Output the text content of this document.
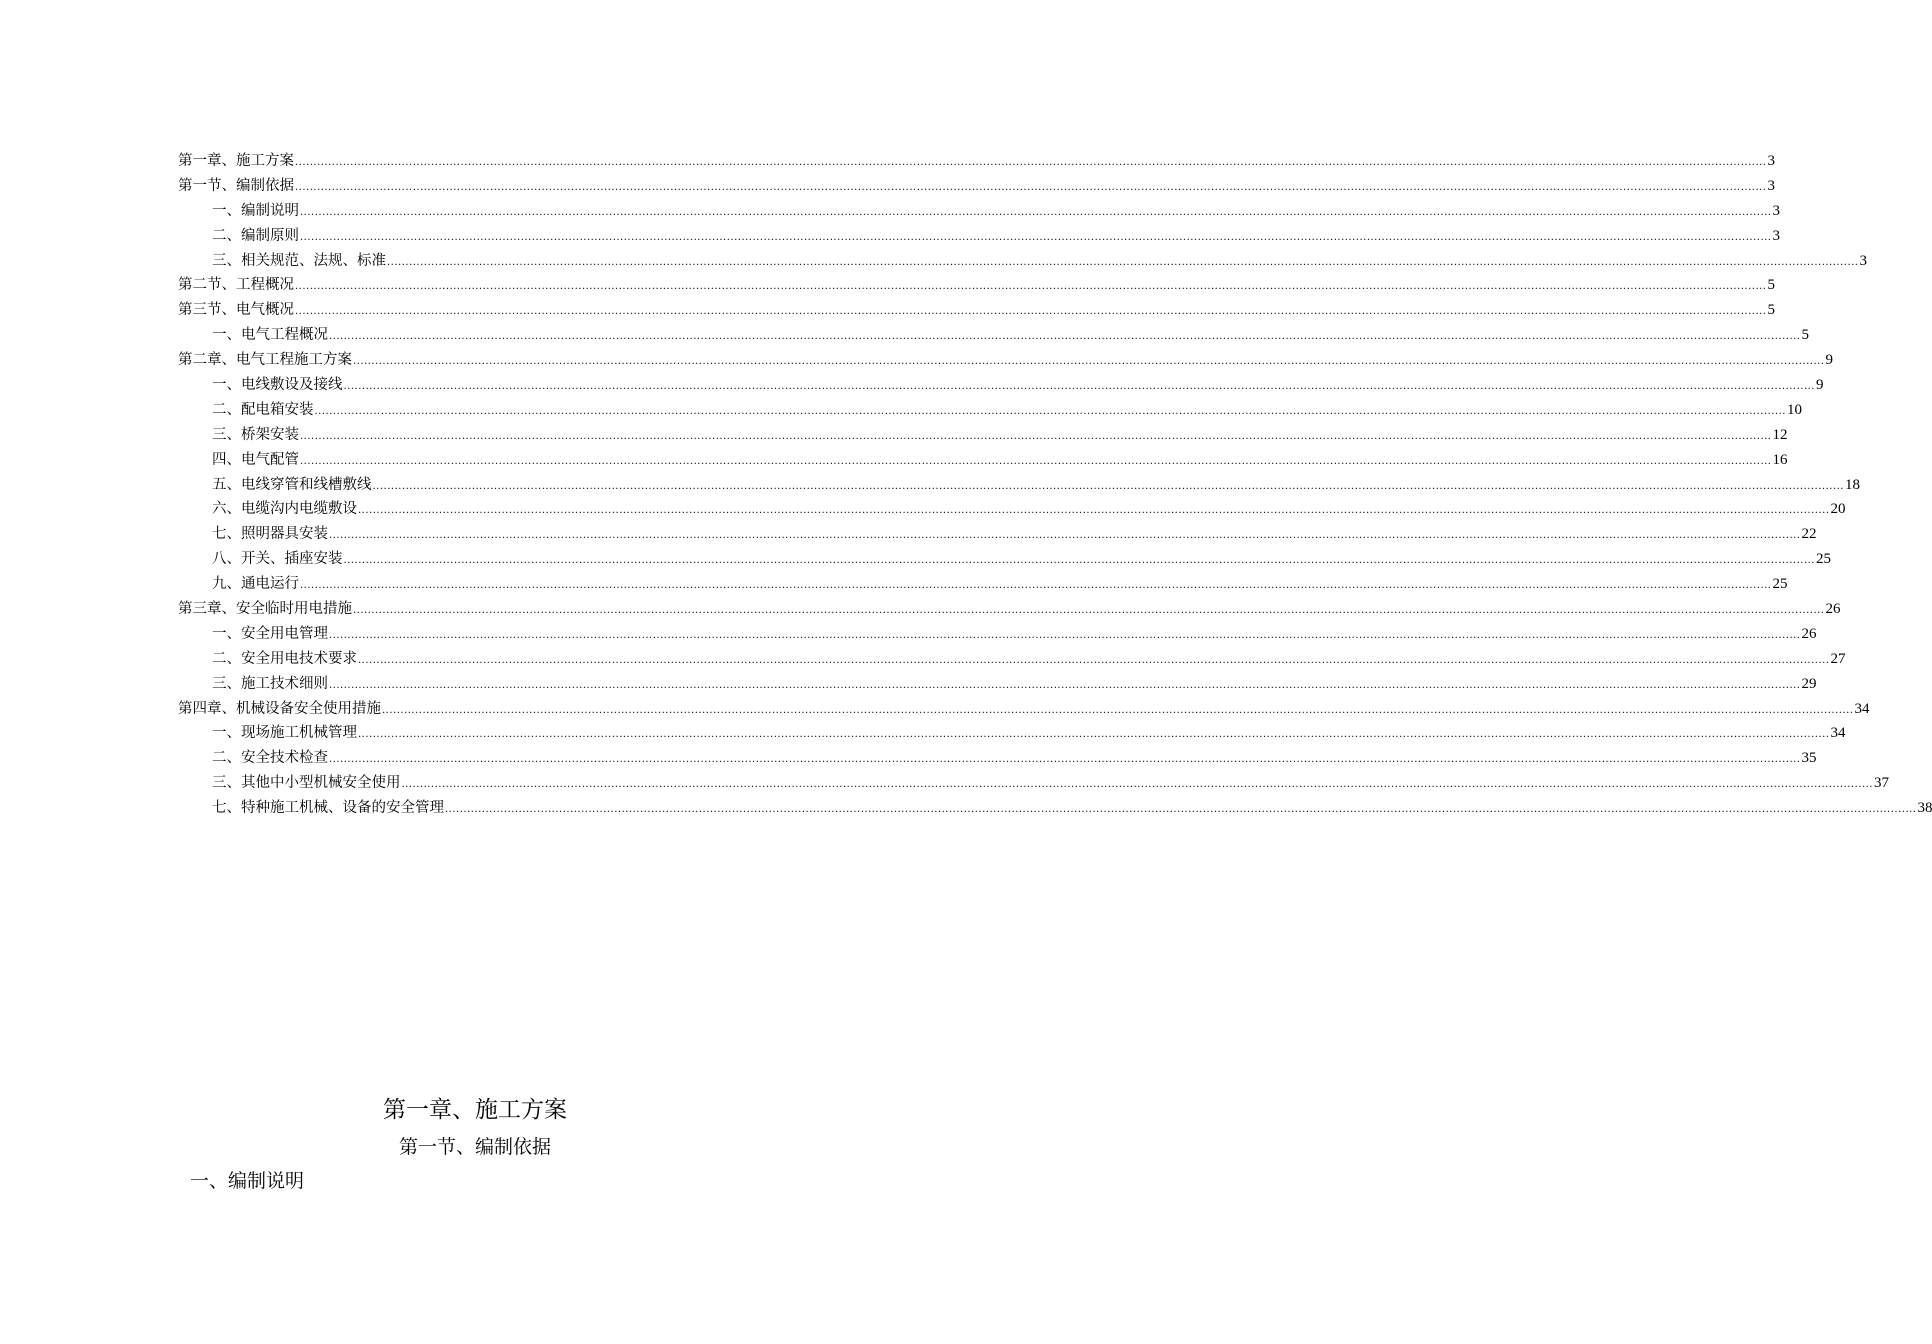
第一章、施工方案 ................................................................................................................................................................................................................................................................................................................................................................................................................ 3
第一节、编制依据 ................................................................................................................................................................................................................................................................................................................................................................................................................ 3
一、编制说明 ................................................................................................................................................................................................................................................................................................................................................................................................................ 3
二、编制原则 ................................................................................................................................................................................................................................................................................................................................................................................................................ 3
三、相关规范、法规、标准 ................................................................................................................................................................................................................................................................................................................................................................................................................ 3
第二节、工程概况 ................................................................................................................................................................................................................................................................................................................................................................................................................ 5
第三节、电气概况 ................................................................................................................................................................................................................................................................................................................................................................................................................ 5
一、电气工程概况 ................................................................................................................................................................................................................................................................................................................................................................................................................ 5
第二章、电气工程施工方案 ................................................................................................................................................................................................................................................................................................................................................................................................................ 9
一、电线敷设及接线 ................................................................................................................................................................................................................................................................................................................................................................................................................ 9
二、配电箱安装 ................................................................................................................................................................................................................................................................................................................................................................................................................ 10
三、桥架安装 ................................................................................................................................................................................................................................................................................................................................................................................................................ 12
四、电气配管 ................................................................................................................................................................................................................................................................................................................................................................................................................ 16
五、电线穿管和线槽敷线 ................................................................................................................................................................................................................................................................................................................................................................................................................ 18
六、电缆沟内电缆敷设 ................................................................................................................................................................................................................................................................................................................................................................................................................ 20
七、照明器具安装 ................................................................................................................................................................................................................................................................................................................................................................................................................ 22
八、开关、插座安装 ................................................................................................................................................................................................................................................................................................................................................................................................................ 25
九、通电运行 ................................................................................................................................................................................................................................................................................................................................................................................................................ 25
第三章、安全临时用电措施 ................................................................................................................................................................................................................................................................................................................................................................................................................ 26
一、安全用电管理 ................................................................................................................................................................................................................................................................................................................................................................................................................ 26
二、安全用电技术要求 ................................................................................................................................................................................................................................................................................................................................................................................................................ 27
三、施工技术细则 ................................................................................................................................................................................................................................................................................................................................................................................................................ 29
第四章、机械设备安全使用措施 ................................................................................................................................................................................................................................................................................................................................................................................................................ 34
一、现场施工机械管理 ................................................................................................................................................................................................................................................................................................................................................................................................................ 34
二、安全技术检查 ................................................................................................................................................................................................................................................................................................................................................................................................................ 35
三、其他中小型机械安全使用 ................................................................................................................................................................................................................................................................................................................................................................................................................ 37
七、特种施工机械、设备的安全管理 ................................................................................................................................................................................................................................................................................................................................................................................................................ 38
第一章、施工方案
第一节、编制依据
一、编制说明
